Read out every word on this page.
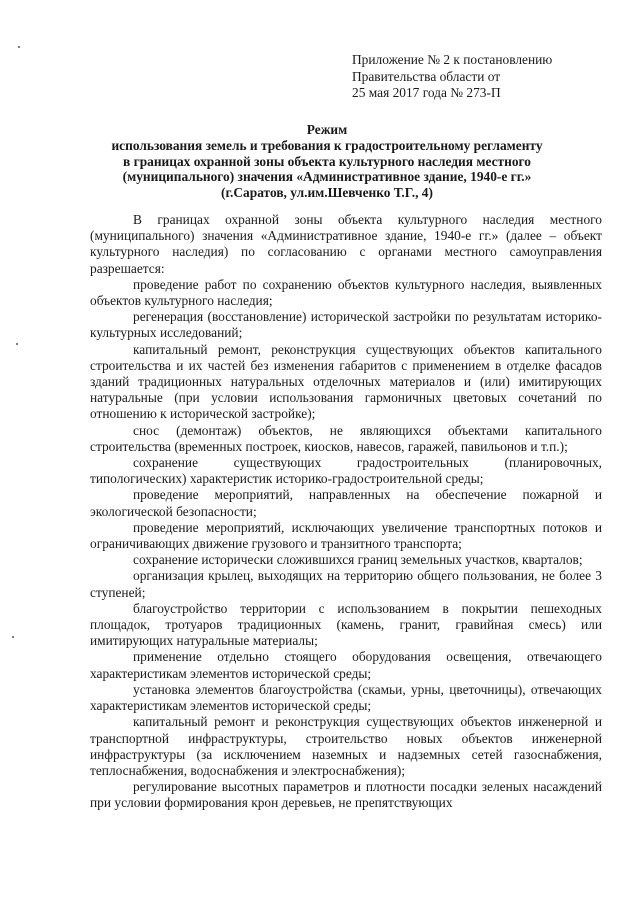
Приложение № 2 к постановлению
Правительства области от
25 мая 2017 года № 273-П
Режим
использования земель и требования к градостроительному регламенту
в границах охранной зоны объекта культурного наследия местного
(муниципального) значения «Административное здание, 1940-е гг.»
(г.Саратов, ул.им.Шевченко Т.Г., 4)

В границах охранной зоны объекта культурного наследия местного (муниципального) значения «Административное здание, 1940-е гг.» (далее – объект культурного наследия) по согласованию с органами местного самоуправления разрешается:

проведение работ по сохранению объектов культурного наследия, выявленных объектов культурного наследия;

регенерация (восстановление) исторической застройки по результатам историко-культурных исследований;

капитальный ремонт, реконструкция существующих объектов капитального строительства и их частей без изменения габаритов с применением в отделке фасадов зданий традиционных натуральных отделочных материалов и (или) имитирующих натуральные (при условии использования гармоничных цветовых сочетаний по отношению к исторической застройке);

снос (демонтаж) объектов, не являющихся объектами капитального строительства (временных построек, киосков, навесов, гаражей, павильонов и т.п.);

сохранение существующих градостроительных (планировочных, типологических) характеристик историко-градостроительной среды;

проведение мероприятий, направленных на обеспечение пожарной и экологической безопасности;

проведение мероприятий, исключающих увеличение транспортных потоков и ограничивающих движение грузового и транзитного транспорта;

сохранение исторически сложившихся границ земельных участков, кварталов;

организация крылец, выходящих на территорию общего пользования, не более 3 ступеней;

благоустройство территории с использованием в покрытии пешеходных площадок, тротуаров традиционных (камень, гранит, гравийная смесь) или имитирующих натуральные материалы;

применение отдельно стоящего оборудования освещения, отвечающего характеристикам элементов исторической среды;

установка элементов благоустройства (скамьи, урны, цветочницы), отвечающих характеристикам элементов исторической среды;

капитальный ремонт и реконструкция существующих объектов инженерной и транспортной инфраструктуры, строительство новых объектов инженерной инфраструктуры (за исключением наземных и надземных сетей газоснабжения, теплоснабжения, водоснабжения и электроснабжения);

регулирование высотных параметров и плотности посадки зеленых насаждений при условии формирования крон деревьев, не препятствующих
